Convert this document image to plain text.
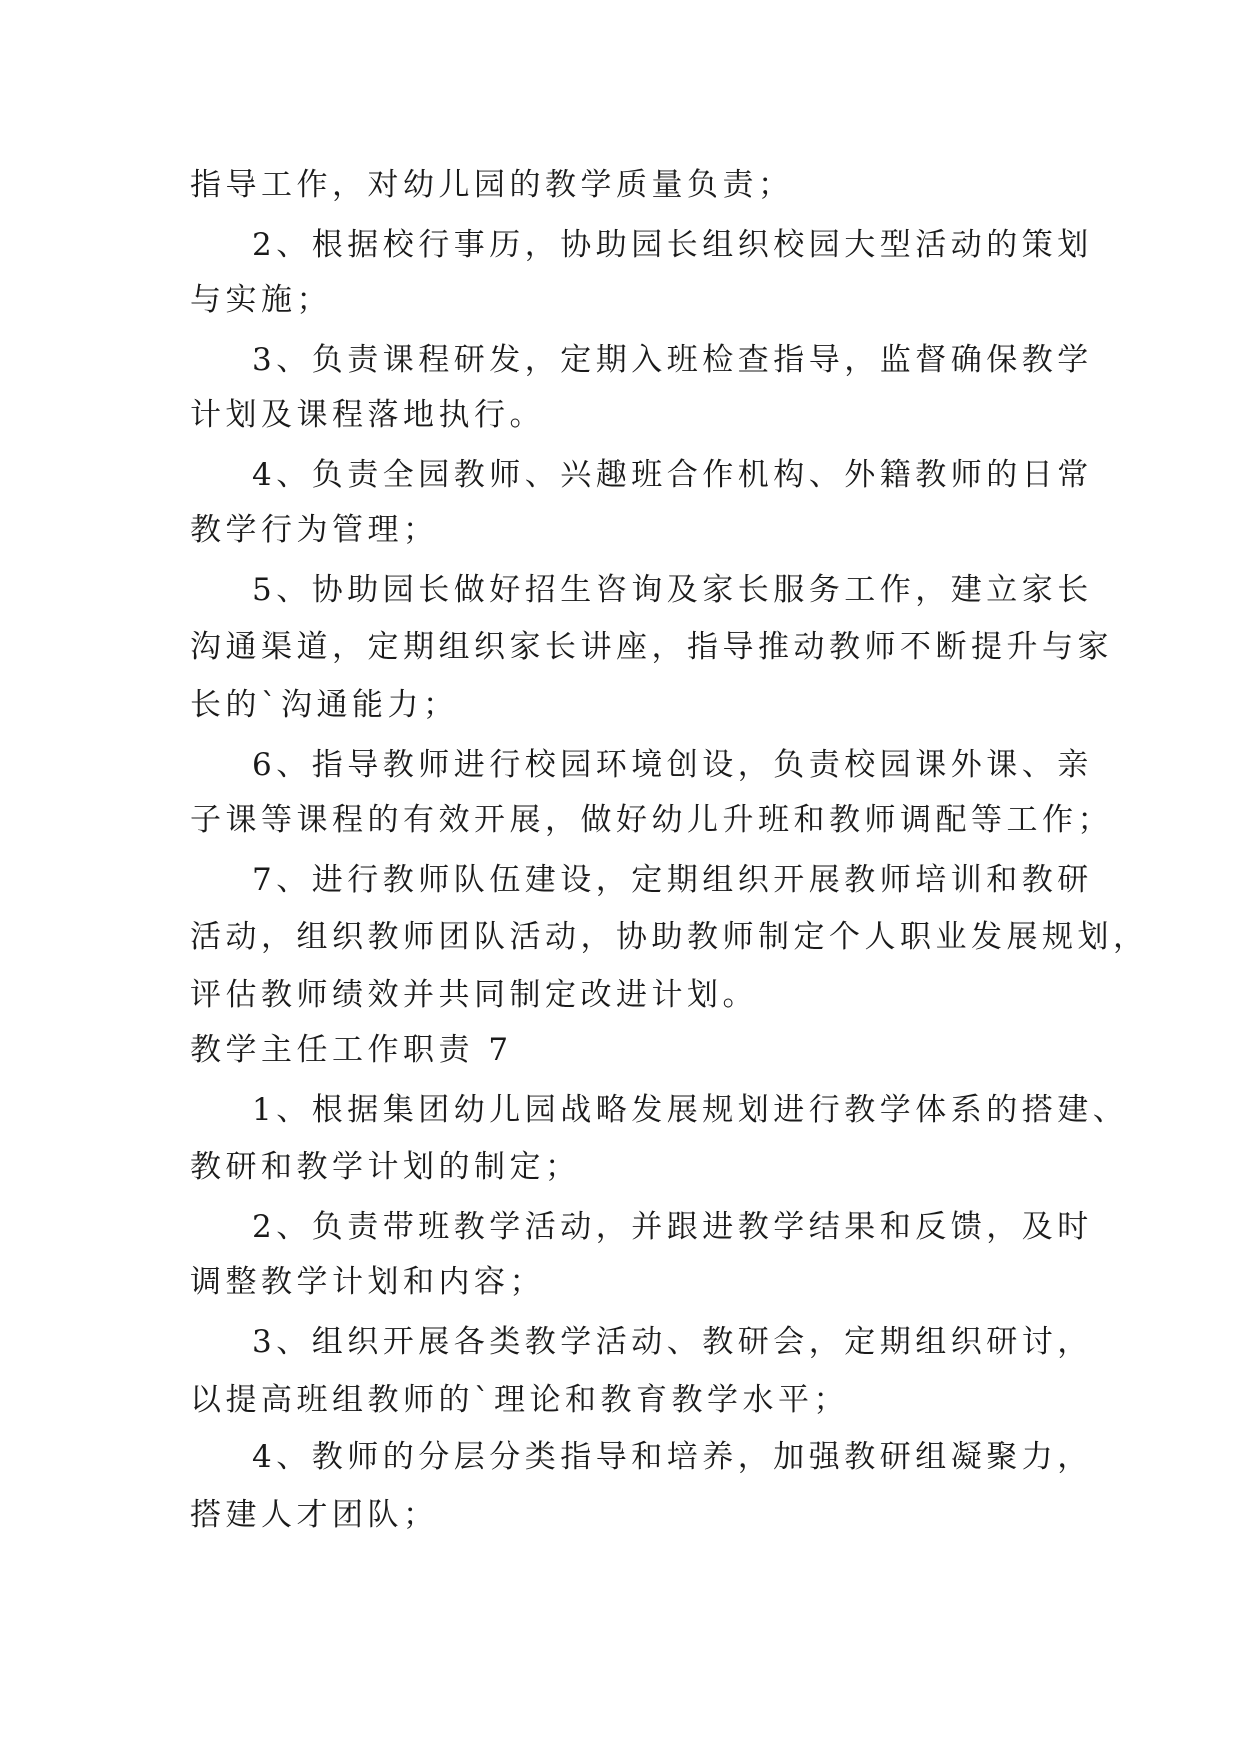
指导工作，对幼儿园的教学质量负责；
2、根据校行事历，协助园长组织校园大型活动的策划
与实施；
3、负责课程研发，定期入班检查指导，监督确保教学
计划及课程落地执行。
4、负责全园教师、兴趣班合作机构、外籍教师的日常
教学行为管理；
5、协助园长做好招生咨询及家长服务工作，建立家长
沟通渠道，定期组织家长讲座，指导推动教师不断提升与家
长的`沟通能力；
6、指导教师进行校园环境创设，负责校园课外课、亲
子课等课程的有效开展，做好幼儿升班和教师调配等工作；
7、进行教师队伍建设，定期组织开展教师培训和教研
活动，组织教师团队活动，协助教师制定个人职业发展规划，
评估教师绩效并共同制定改进计划。
教学主任工作职责 7
1、根据集团幼儿园战略发展规划进行教学体系的搭建、
教研和教学计划的制定；
2、负责带班教学活动，并跟进教学结果和反馈，及时
调整教学计划和内容；
3、组织开展各类教学活动、教研会，定期组织研讨，
以提高班组教师的`理论和教育教学水平；
4、教师的分层分类指导和培养，加强教研组凝聚力，
搭建人才团队；
